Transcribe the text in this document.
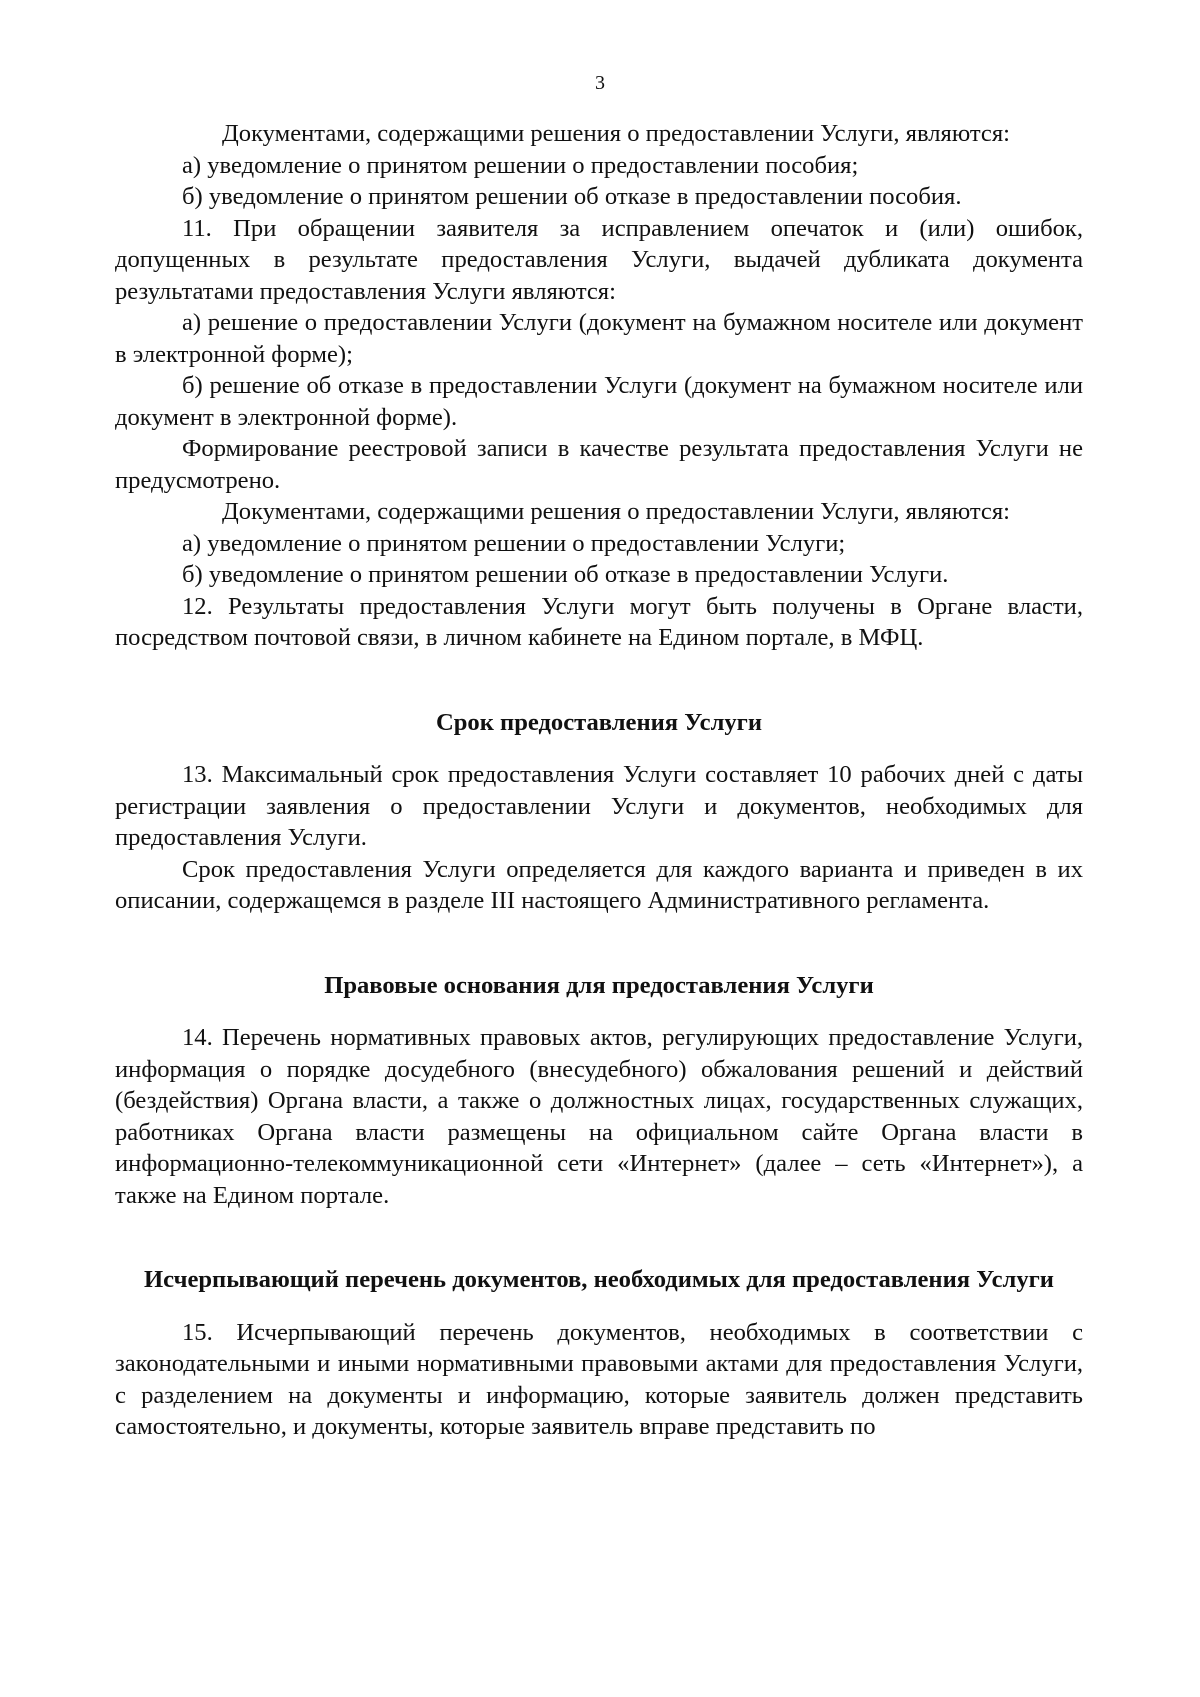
3

Документами, содержащими решения о предоставлении Услуги, являются:

а) уведомление о принятом решении о предоставлении пособия;

б) уведомление о принятом решении об отказе в предоставлении пособия.

11. При обращении заявителя за исправлением опечаток и (или) ошибок, допущенных в результате предоставления Услуги, выдачей дубликата документа результатами предоставления Услуги являются:

а) решение о предоставлении Услуги (документ на бумажном носителе или документ в электронной форме);

б) решение об отказе в предоставлении Услуги (документ на бумажном носителе или документ в электронной форме).

Формирование реестровой записи в качестве результата предоставления Услуги не предусмотрено.

Документами, содержащими решения о предоставлении Услуги, являются:

а) уведомление о принятом решении о предоставлении Услуги;

б) уведомление о принятом решении об отказе в предоставлении Услуги.

12. Результаты предоставления Услуги могут быть получены в Органе власти, посредством почтовой связи, в личном кабинете на Едином портале, в МФЦ.

Срок предоставления Услуги

13. Максимальный срок предоставления Услуги составляет 10 рабочих дней с даты регистрации заявления о предоставлении Услуги и документов, необходимых для предоставления Услуги.

Срок предоставления Услуги определяется для каждого варианта и приведен в их описании, содержащемся в разделе III настоящего Административного регламента.

Правовые основания для предоставления Услуги

14. Перечень нормативных правовых актов, регулирующих предоставление Услуги, информация о порядке досудебного (внесудебного) обжалования решений и действий (бездействия) Органа власти, а также о должностных лицах, государственных служащих, работниках Органа власти размещены на официальном сайте Органа власти в информационно-телекоммуникационной сети «Интернет» (далее – сеть «Интернет»), а также на Едином портале.

Исчерпывающий перечень документов, необходимых для предоставления Услуги

15. Исчерпывающий перечень документов, необходимых в соответствии с законодательными и иными нормативными правовыми актами для предоставления Услуги, с разделением на документы и информацию, которые заявитель должен представить самостоятельно, и документы, которые заявитель вправе представить по
